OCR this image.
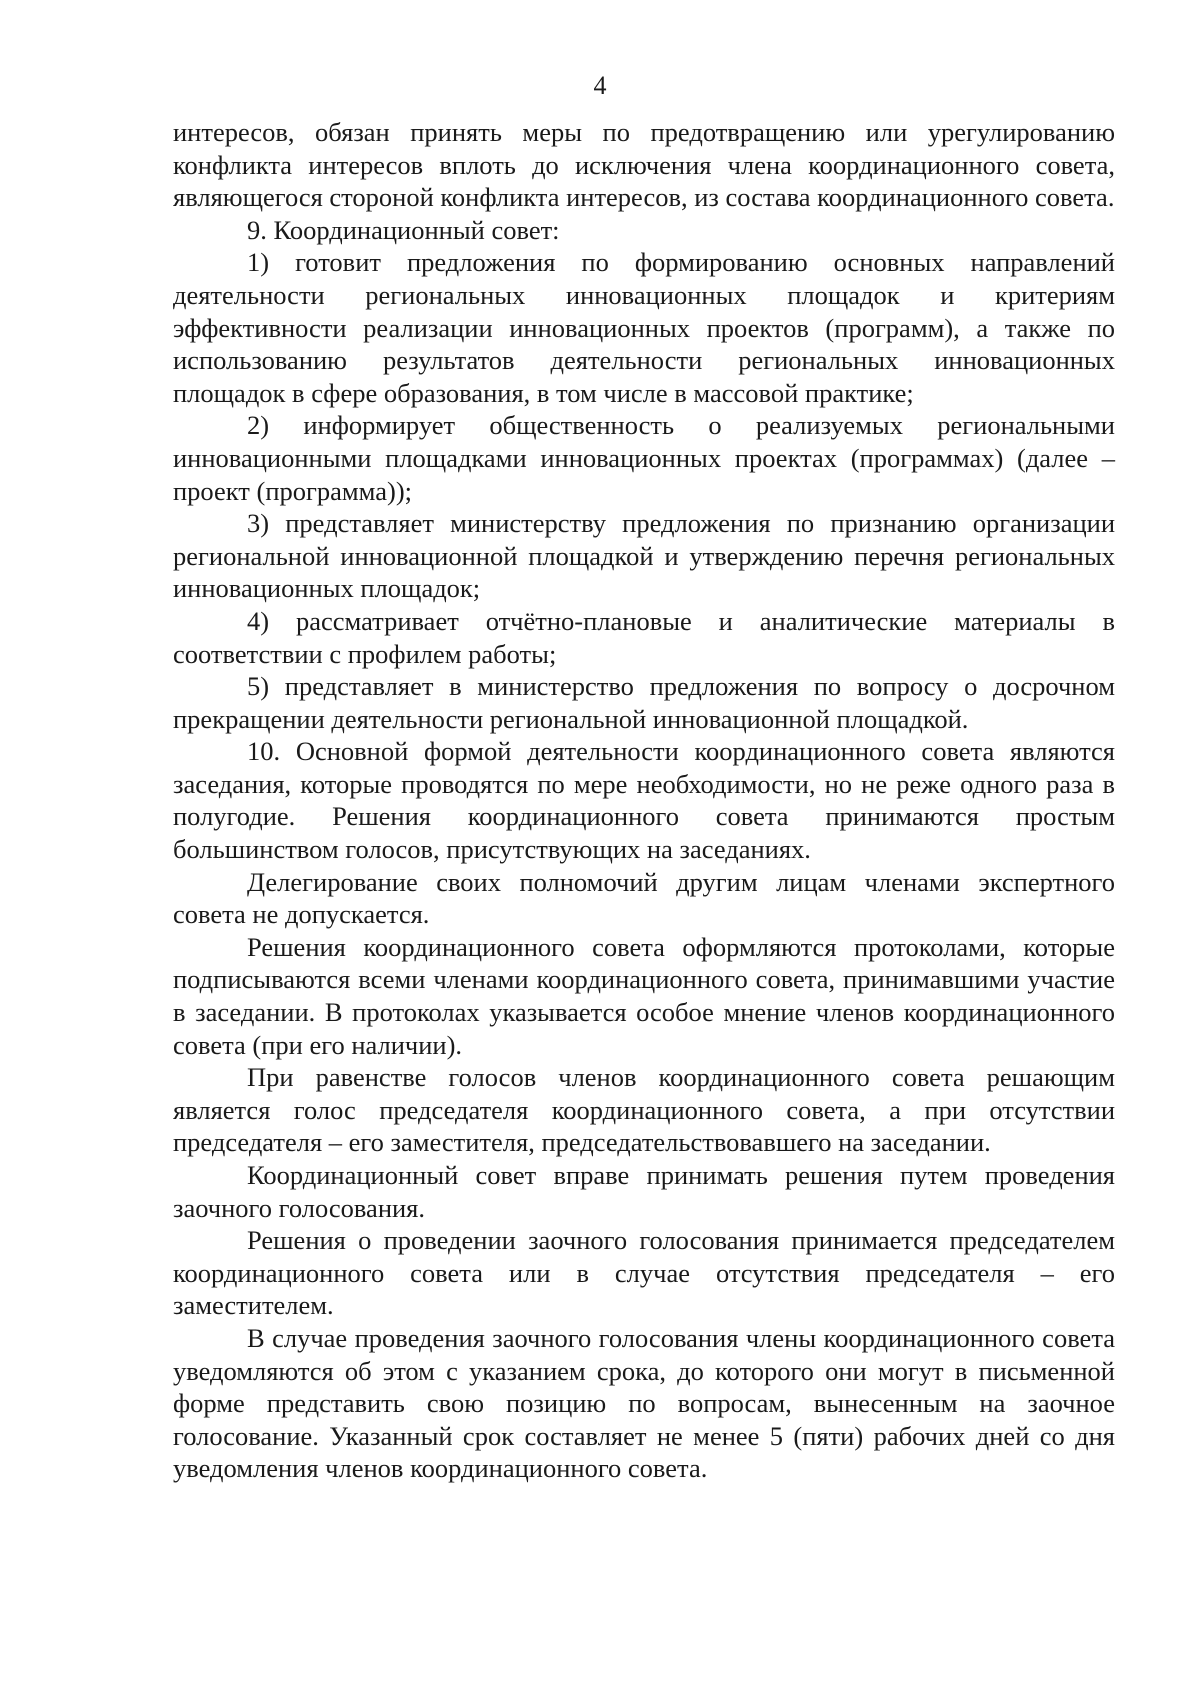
4

интересов, обязан принять меры по предотвращению или урегулированию конфликта интересов вплоть до исключения члена координационного совета, являющегося стороной конфликта интересов, из состава координационного совета.

9. Координационный совет:

1) готовит предложения по формированию основных направлений деятельности региональных инновационных площадок и критериям эффективности реализации инновационных проектов (программ), а также по использованию результатов деятельности региональных инновационных площадок в сфере образования, в том числе в массовой практике;

2) информирует общественность о реализуемых региональными инновационными площадками инновационных проектах (программах) (далее – проект (программа));

3) представляет министерству предложения по признанию организации региональной инновационной площадкой и утверждению перечня региональных инновационных площадок;

4) рассматривает отчётно-плановые и аналитические материалы в соответствии с профилем работы;

5) представляет в министерство предложения по вопросу о досрочном прекращении деятельности региональной инновационной площадкой.

10. Основной формой деятельности координационного совета являются заседания, которые проводятся по мере необходимости, но не реже одного раза в полугодие. Решения координационного совета принимаются простым большинством голосов, присутствующих на заседаниях.

Делегирование своих полномочий другим лицам членами экспертного совета не допускается.

Решения координационного совета оформляются протоколами, которые подписываются всеми членами координационного совета, принимавшими участие в заседании. В протоколах указывается особое мнение членов координационного совета (при его наличии).

При равенстве голосов членов координационного совета решающим является голос председателя координационного совета, а при отсутствии председателя – его заместителя, председательствовавшего на заседании.

Координационный совет вправе принимать решения путем проведения заочного голосования.

Решения о проведении заочного голосования принимается председателем координационного совета или в случае отсутствия председателя – его заместителем.

В случае проведения заочного голосования члены координационного совета уведомляются об этом с указанием срока, до которого они могут в письменной форме представить свою позицию по вопросам, вынесенным на заочное голосование. Указанный срок составляет не менее 5 (пяти) рабочих дней со дня уведомления членов координационного совета.
